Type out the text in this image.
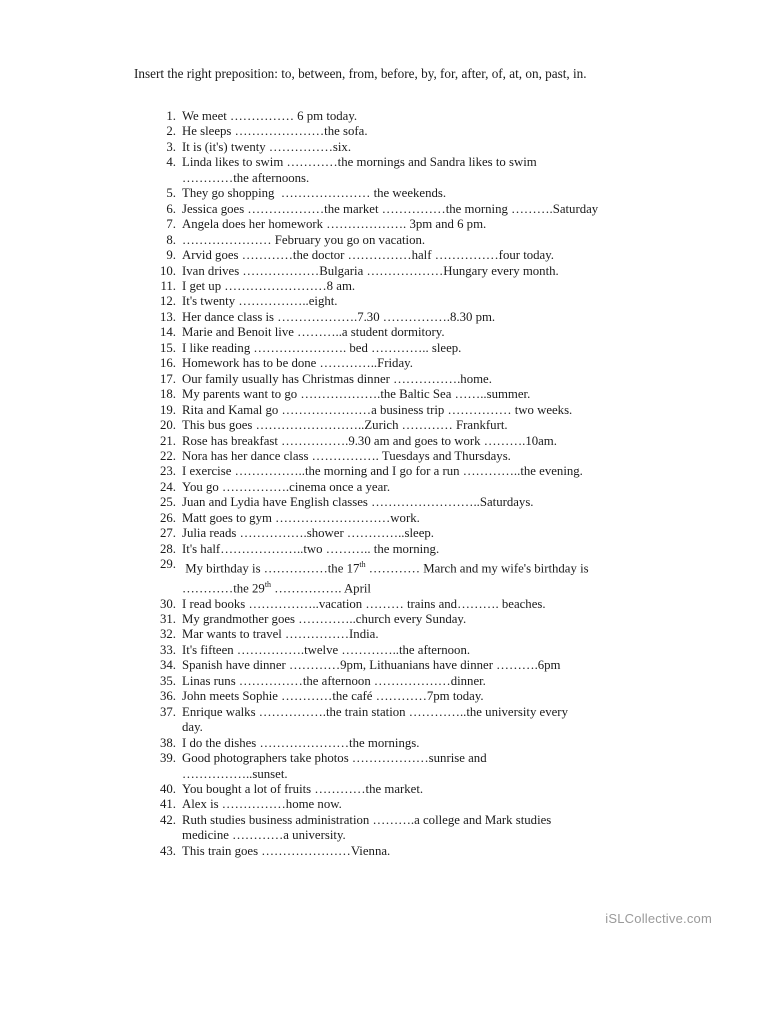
Insert the right preposition: to, between, from, before, by, for, after, of, at, on, past, in.

1. We meet …………… 6 pm today.
2. He sleeps …………………the sofa.
3. It is (it's) twenty ……………six.
4. Linda likes to swim …………the mornings and Sandra likes to swim
…………the afternoons.
5. They go shopping  ………………… the weekends.
6. Jessica goes ………………the market ……………the morning ……….Saturday
7. Angela does her homework ………………. 3pm and 6 pm.
8. ………………… February you go on vacation.
9. Arvid goes …………the doctor ……………half ……………four today.
10. Ivan drives ………………Bulgaria ………………Hungary every month.
11. I get up ……………………8 am.
12. It's twenty ……………..eight.
13. Her dance class is ……………….7.30 …………….8.30 pm.
14. Marie and Benoit live ………..a student dormitory.
15. I like reading …………………. bed ………….. sleep.
16. Homework has to be done …………..Friday.
17. Our family usually has Christmas dinner …………….home.
18. My parents want to go ……………….the Baltic Sea ……..summer.
19. Rita and Kamal go …………………a business trip …………… two weeks.
20. This bus goes ……………………..Zurich ………… Frankfurt.
21. Rose has breakfast …………….9.30 am and goes to work ……….10am.
22. Nora has her dance class ……………. Tuesdays and Thursdays.
23. I exercise ……………..the morning and I go for a run …………..the evening.
24. You go …………….cinema once a year.
25. Juan and Lydia have English classes ……………………..Saturdays.
26. Matt goes to gym ………………………work.
27. Julia reads …………….shower …………..sleep.
28. It's half………………..two ……….. the morning.
29. My birthday is ……………the 17th ………… March and my wife's birthday is
…………the 29th ……………. April
30. I read books ……………..vacation ……… trains and………. beaches.
31. My grandmother goes …………..church every Sunday.
32. Mar wants to travel ……………India.
33. It's fifteen …………….twelve …………..the afternoon.
34. Spanish have dinner …………9pm, Lithuanians have dinner ……….6pm
35. Linas runs ……………the afternoon ………………dinner.
36. John meets Sophie …………the café …………7pm today.
37. Enrique walks …………….the train station …………..the university every
day.
38. I do the dishes …………………the mornings.
39. Good photographers take photos ………………sunrise and
……………..sunset.
40. You bought a lot of fruits …………the market.
41. Alex is ……………home now.
42. Ruth studies business administration ……….a college and Mark studies
medicine …………a university.
43. This train goes …………………Vienna.
iSLCollective.com
